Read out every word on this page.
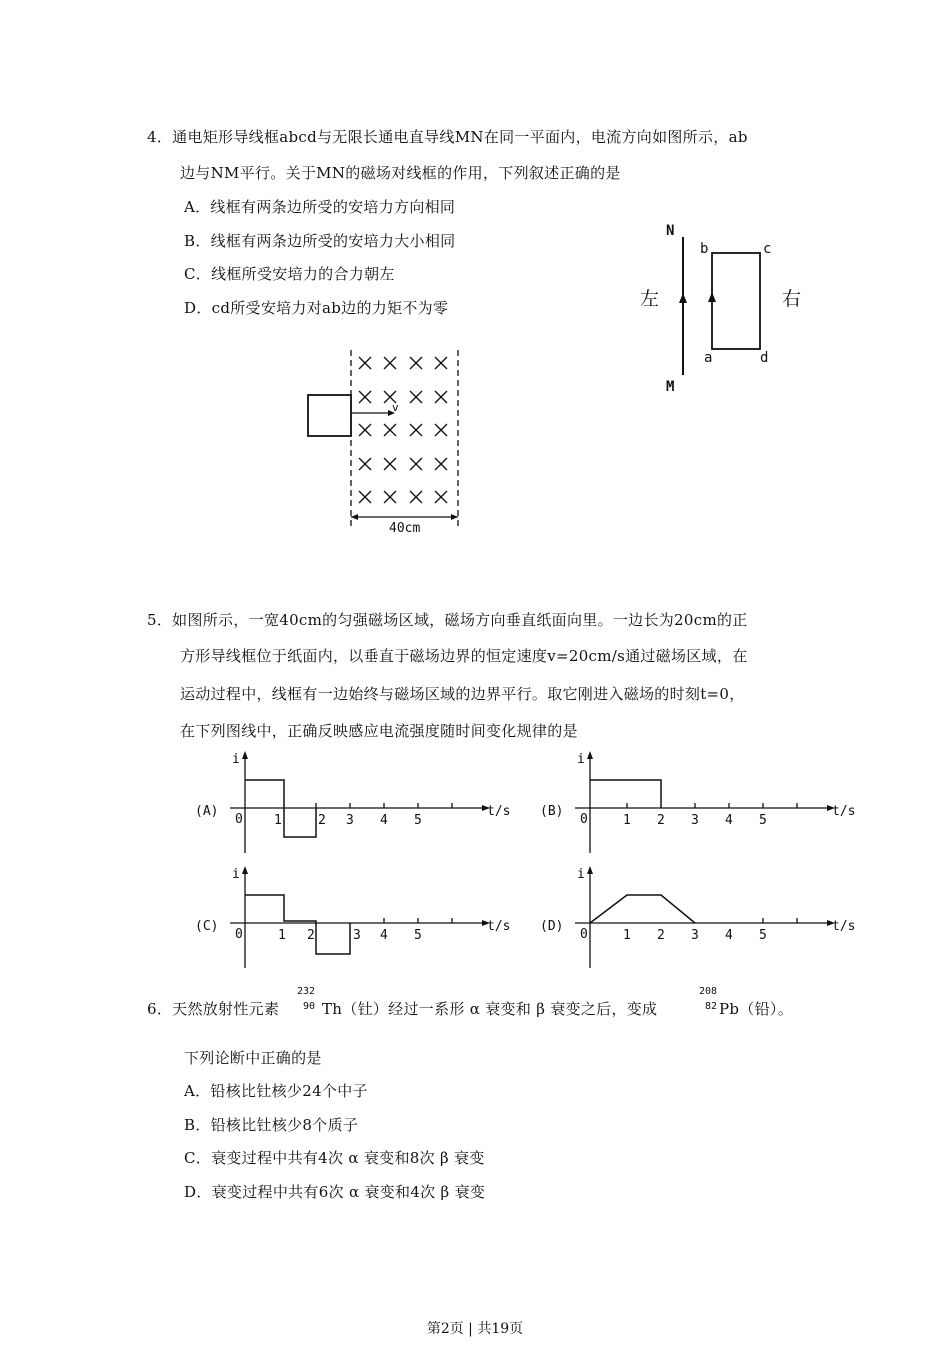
4．通电矩形导线框abcd与无限长通电直导线MN在同一平面内，电流方向如图所示，ab
边与NM平行。关于MN的磁场对线框的作用，下列叙述正确的是
A．线框有两条边所受的安培力方向相同
B．线框有两条边所受的安培力大小相同
C．线框所受安培力的合力朝左
D．cd所受安培力对ab边的力矩不为零
N
M
左	右
b	c
a	d
v
40cm
5．如图所示，一宽40cm的匀强磁场区域，磁场方向垂直纸面向里。一边长为20cm的正
方形导线框位于纸面内，以垂直于磁场边界的恒定速度v=20cm/s通过磁场区域，在
运动过程中，线框有一边始终与磁场区域的边界平行。取它刚进入磁场的时刻t=0，
在下列图线中，正确反映感应电流强度随时间变化规律的是
(A)
i
t/s
0 1	2 3 4 5
(B)
i
t/s
0	1 2 3 4 5
(C)
i
t/s
0	1 2	3 4 5
(D)
i
t/s
0	1 2 3 4 5
6．天然放射性元素
232
90 Th（钍）经过一系形 α 衰变和 β 衰变之后，变成
208
82 Pb（铅）。
下列论断中正确的是
A．铅核比钍核少24个中子
B．铅核比钍核少8个质子
C．衰变过程中共有4次 α 衰变和8次 β 衰变
D．衰变过程中共有6次 α 衰变和4次 β 衰变
第2页 | 共19页
